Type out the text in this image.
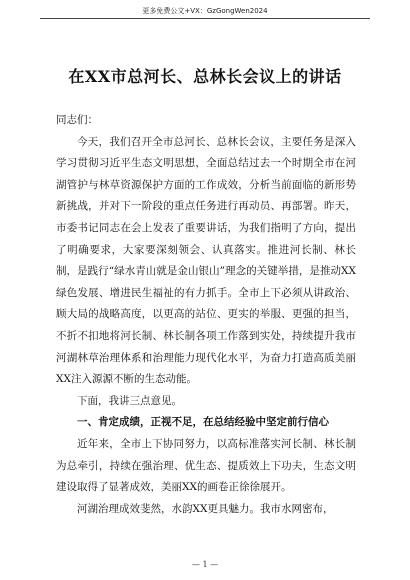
更多免费公文+VX：GzGongWen2024
在XX市总河长、总林长会议上的讲话

同志们：

今天，我们召开全市总河长、总林长会议，主要任务是深入学习贯彻习近平生态文明思想，全面总结过去一个时期全市在河湖管护与林草资源保护方面的工作成效，分析当前面临的新形势新挑战，并对下一阶段的重点任务进行再动员、再部署。昨天，市委书记同志在会上发表了重要讲话，为我们指明了方向，提出了明确要求，大家要深刻领会、认真落实。推进河长制、林长制，是践行“绿水青山就是金山银山”理念的关键举措，是推动XX绿色发展、增进民生福祉的有力抓手。全市上下必须从讲政治、顾大局的战略高度，以更高的站位、更实的举服、更强的担当，不折不扣地将河长制、林长制各项工作落到实处，持续提升我市河湖林草治理体系和治理能力现代化水平，为奋力打造高质美丽XX注入源源不断的生态动能。

下面，我讲三点意见。

一、肯定成绩，正视不足，在总结经验中坚定前行信心

近年来，全市上下协同努力，以高标准落实河长制、林长制为总牵引，持续在强治理、优生态、提质效上下功夫，生态文明建设取得了显著成效，美丽XX的画卷正徐徐展开。

河湖治理成效斐然，水韵XX更具魅力。我市水网密布，

— 1 —
